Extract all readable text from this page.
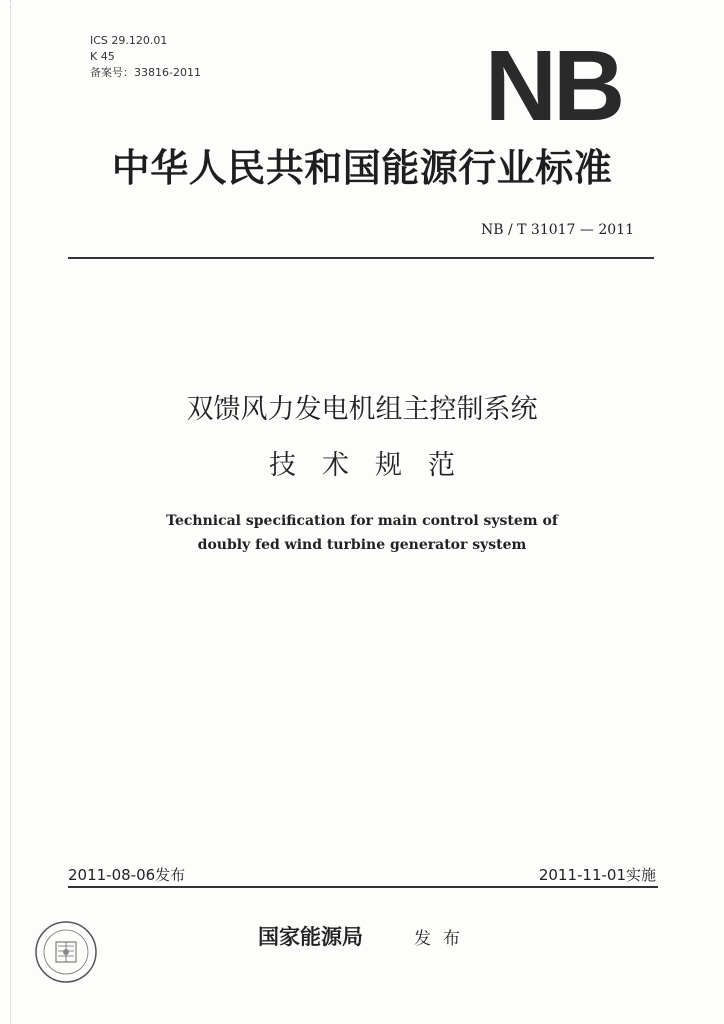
ICS 29.120.01
K 45
备案号：33816-2011	NB
中华人民共和国能源行业标准
NB / T 31017 — 2011
双馈风力发电机组主控制系统
技术规范
Technical specification for main control system of
doubly fed wind turbine generator system
2011-08-06发布	2011-11-01实施
国家能源局	发布
